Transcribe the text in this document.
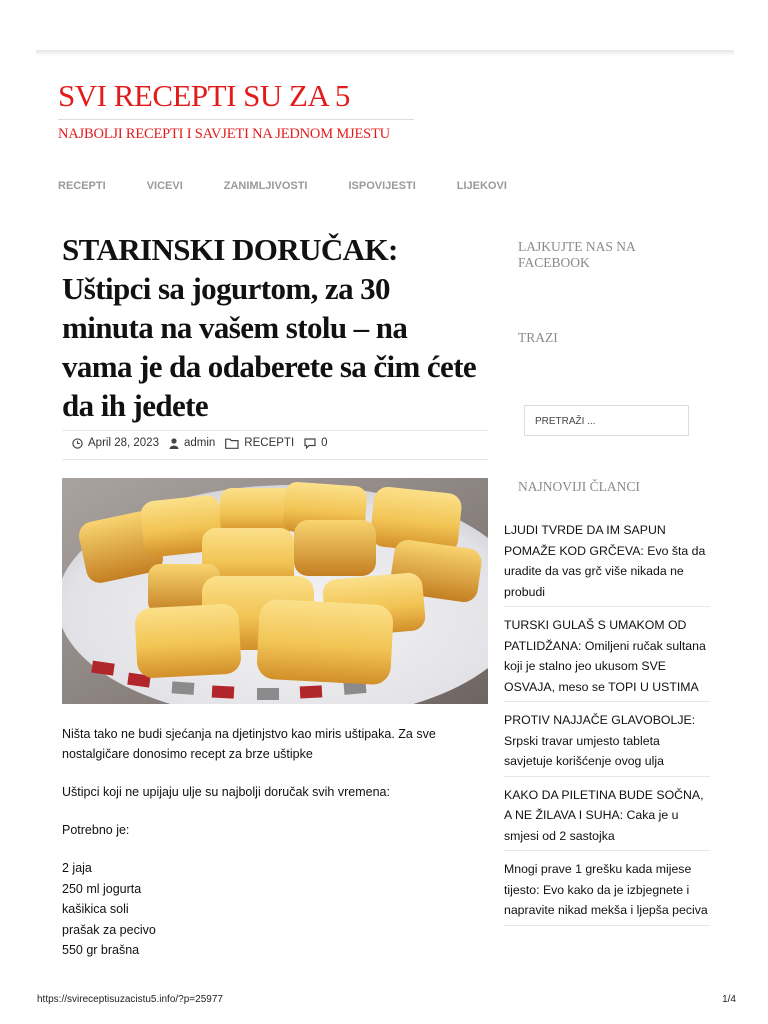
SVI RECEPTI SU ZA 5
NAJBOLJI RECEPTI I SAVJETI NA JEDNOM MJESTU
RECEPTI	VICEVI	ZANIMLJIVOSTI	ISPOVIJESTI	LIJEKOVI
STARINSKI DORUČAK: Uštipci sa jogurtom, za 30 minuta na vašem stolu – na vama je da odaberete sa čim ćete da ih jedete
April 28, 2023 admin	RECEPTI 0

Ništa tako ne budi sjećanja na djetinjstvo kao miris uštipaka. Za sve nostalgičare donosimo recept za brze uštipke

Uštipci koji ne upijaju ulje su najbolji doručak svih vremena:

Potrebno je:

2 jaja
250 ml jogurta
kašikica soli
prašak za pecivo
550 gr brašna
LAJKUJTE NAS NA FACEBOOK
TRAZI
PRETRAŽI ...
NAJNOVIJI ČLANCI
LJUDI TVRDE DA IM SAPUN POMAŽE KOD GRČEVA: Evo šta da uradite da vas grč više nikada ne probudi
TURSKI GULAŠ S UMAKOM OD PATLIDŽANA: Omiljeni ručak sultana koji je stalno jeo ukusom SVE OSVAJA, meso se TOPI U USTIMA
PROTIV NAJJAČE GLAVOBOLJE: Srpski travar umjesto tableta savjetuje korišćenje ovog ulja
KAKO DA PILETINA BUDE SOČNA, A NE ŽILAVA I SUHA: Caka je u smjesi od 2 sastojka
Mnogi prave 1 grešku kada mijese tijesto: Evo kako da je izbjegnete i napravite nikad mekša i ljepša peciva
https://svireceptisuzacistu5.info/?p=25977	1/4
